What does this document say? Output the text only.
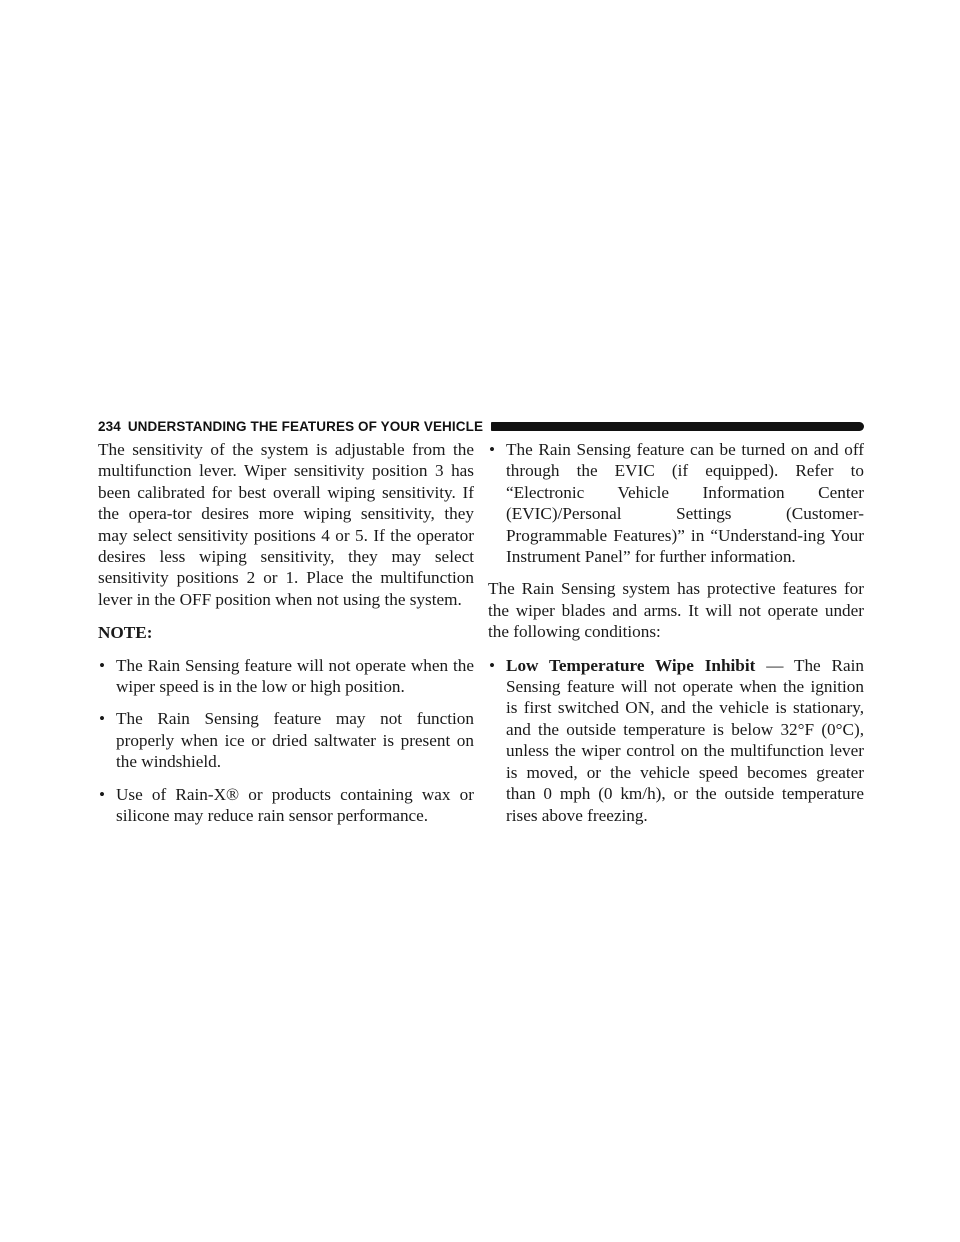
234 UNDERSTANDING THE FEATURES OF YOUR VEHICLE

The sensitivity of the system is adjustable from the multifunction lever. Wiper sensitivity position 3 has been calibrated for best overall wiping sensitivity. If the opera-tor desires more wiping sensitivity, they may select sensitivity positions 4 or 5. If the operator desires less wiping sensitivity, they may select sensitivity positions 2 or 1. Place the multifunction lever in the OFF position when not using the system.

NOTE:

• The Rain Sensing feature will not operate when the wiper speed is in the low or high position.
• The Rain Sensing feature may not function properly when ice or dried saltwater is present on the windshield.
• Use of Rain-X® or products containing wax or silicone may reduce rain sensor performance.
• The Rain Sensing feature can be turned on and off through the EVIC (if equipped). Refer to “Electronic Vehicle Information Center (EVIC)/Personal Settings (Customer-Programmable Features)” in “Understand-ing Your Instrument Panel” for further information.

The Rain Sensing system has protective features for the wiper blades and arms. It will not operate under the following conditions:

• Low Temperature Wipe Inhibit — The Rain Sensing feature will not operate when the ignition is first switched ON, and the vehicle is stationary, and the outside temperature is below 32°F (0°C), unless the wiper control on the multifunction lever is moved, or the vehicle speed becomes greater than 0 mph (0 km/h), or the outside temperature rises above freezing.
